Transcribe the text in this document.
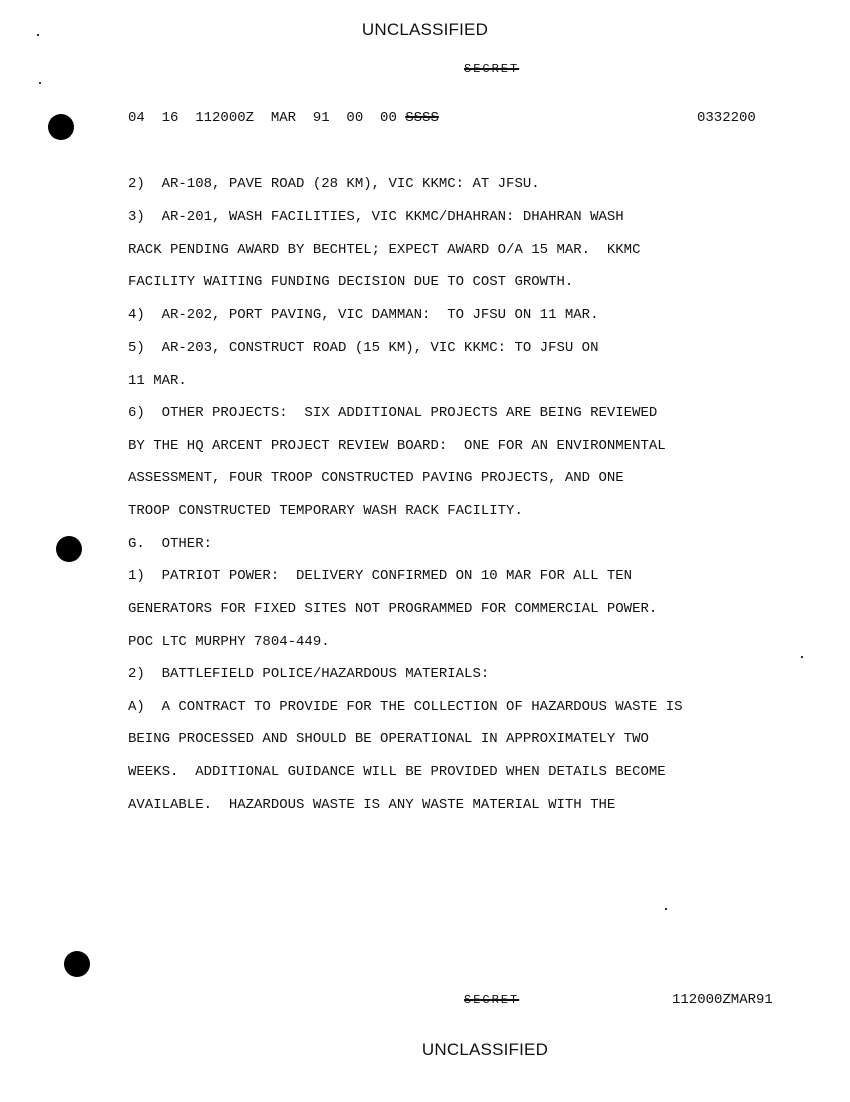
UNCLASSIFIED
SECRET
04  16  112000Z  MAR  91  00  00 SSSS	0332200
2)  AR-108, PAVE ROAD (28 KM), VIC KKMC: AT JFSU.
3)  AR-201, WASH FACILITIES, VIC KKMC/DHAHRAN: DHAHRAN WASH
RACK PENDING AWARD BY BECHTEL; EXPECT AWARD O/A 15 MAR.  KKMC
FACILITY WAITING FUNDING DECISION DUE TO COST GROWTH.
4)  AR-202, PORT PAVING, VIC DAMMAN:  TO JFSU ON 11 MAR.
5)  AR-203, CONSTRUCT ROAD (15 KM), VIC KKMC: TO JFSU ON
11 MAR.
6)  OTHER PROJECTS:  SIX ADDITIONAL PROJECTS ARE BEING REVIEWED
BY THE HQ ARCENT PROJECT REVIEW BOARD:  ONE FOR AN ENVIRONMENTAL
ASSESSMENT, FOUR TROOP CONSTRUCTED PAVING PROJECTS, AND ONE
TROOP CONSTRUCTED TEMPORARY WASH RACK FACILITY.
G.  OTHER:
1)  PATRIOT POWER:  DELIVERY CONFIRMED ON 10 MAR FOR ALL TEN
GENERATORS FOR FIXED SITES NOT PROGRAMMED FOR COMMERCIAL POWER.
POC LTC MURPHY 7804-449.
2)  BATTLEFIELD POLICE/HAZARDOUS MATERIALS:
A)  A CONTRACT TO PROVIDE FOR THE COLLECTION OF HAZARDOUS WASTE IS
BEING PROCESSED AND SHOULD BE OPERATIONAL IN APPROXIMATELY TWO
WEEKS.  ADDITIONAL GUIDANCE WILL BE PROVIDED WHEN DETAILS BECOME
AVAILABLE.  HAZARDOUS WASTE IS ANY WASTE MATERIAL WITH THE
SECRET	112000ZMAR91
UNCLASSIFIED
